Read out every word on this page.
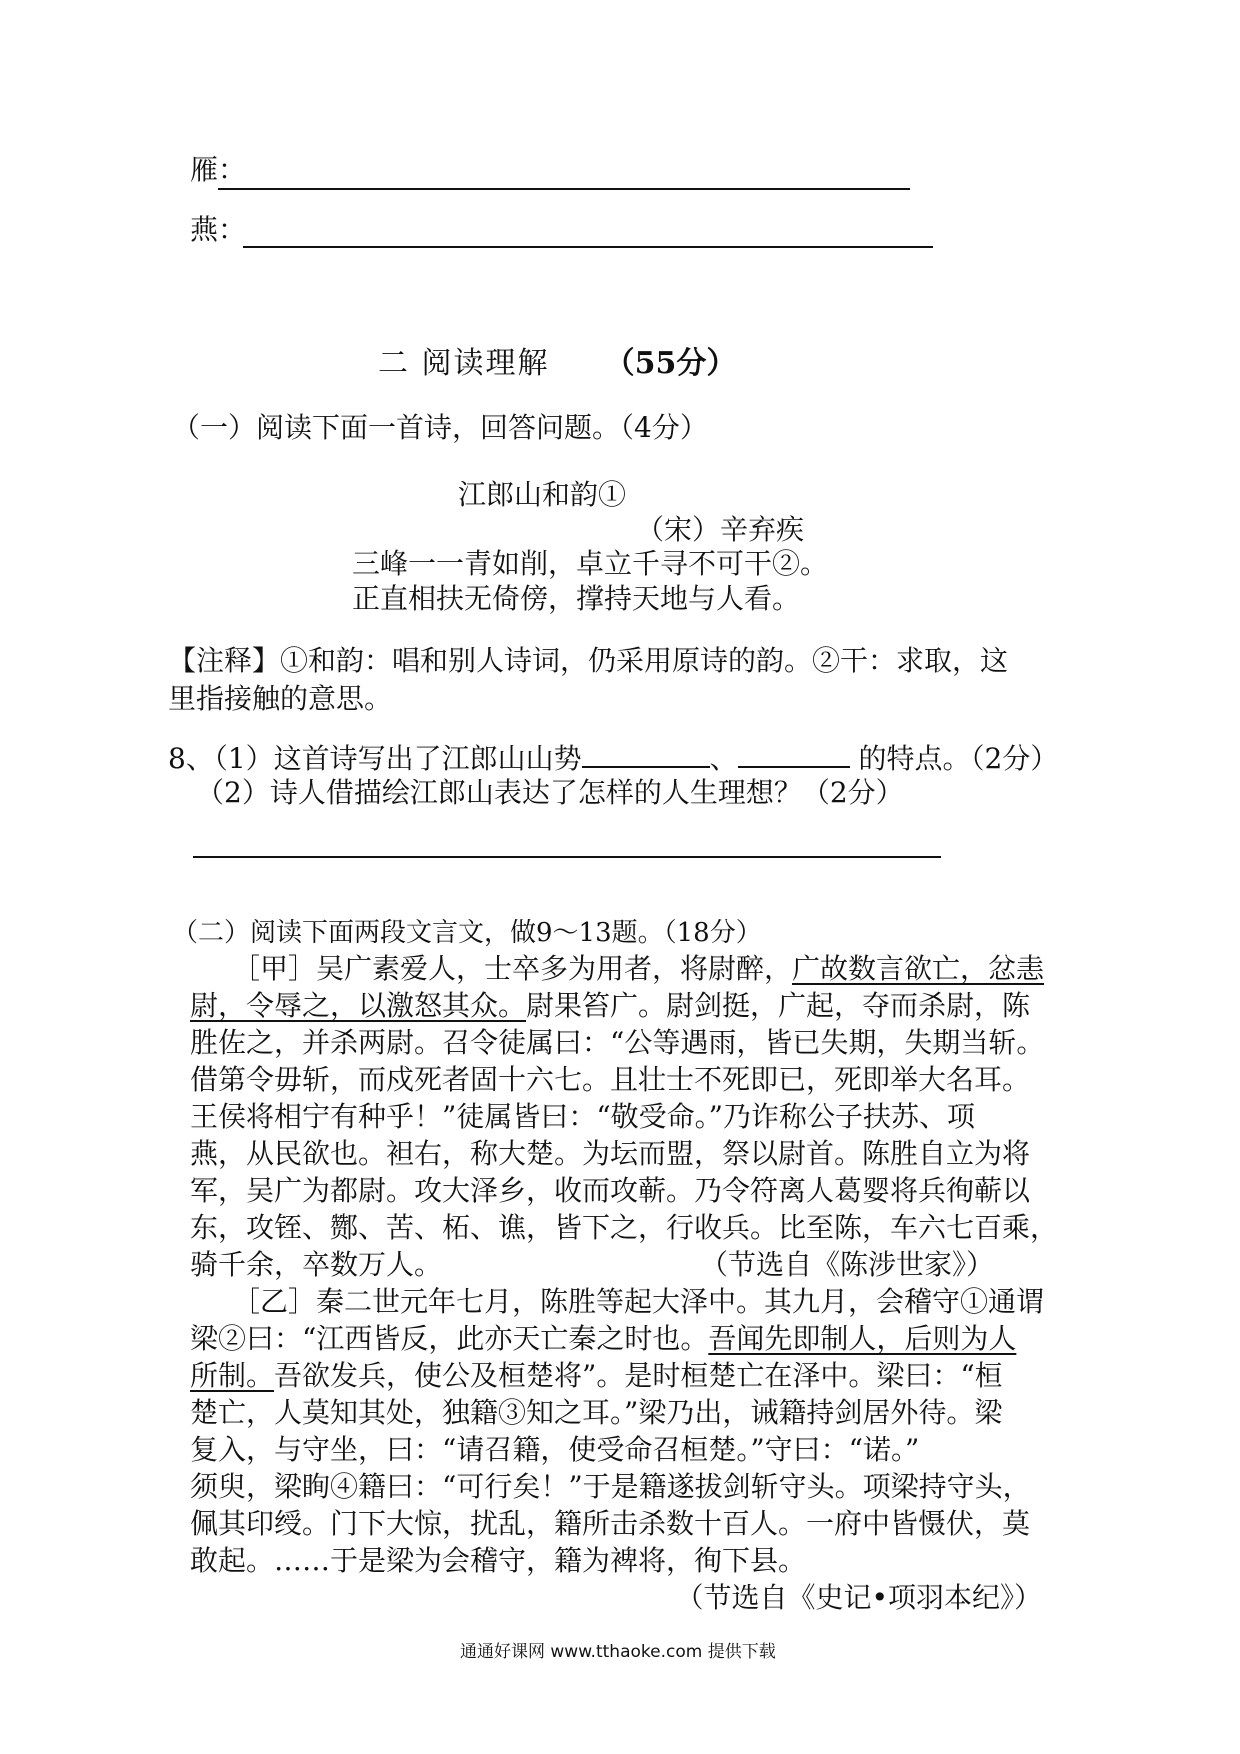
雁：
燕：
二 阅读理解 （55分）
（一）阅读下面一首诗，回答问题。（4分）
江郎山和韵①
（宋）辛弃疾
三峰一一青如削，卓立千寻不可干②。
正直相扶无倚傍，撑持天地与人看。
【注释】①和韵：唱和别人诗词，仍采用原诗的韵。②干：求取，这
里指接触的意思。
8、（1）这首诗写出了江郎山山势	、	的特点。（2分）
（2）诗人借描绘江郎山表达了怎样的人生理想？（2分）
（二）阅读下面两段文言文，做9～13题。（18分）

　　［甲］吴广素爱人，士卒多为用者，将尉醉，广故数言欲亡，忿恚

尉，令辱之，以激怒其众。尉果笞广。尉剑挺，广起，夺而杀尉，陈

胜佐之，并杀两尉。召令徒属曰：“公等遇雨，皆已失期，失期当斩。

借第令毋斩，而戍死者固十六七。且壮士不死即已，死即举大名耳。

王侯将相宁有种乎！”徒属皆曰：“敬受命。”乃诈称公子扶苏、项

燕，从民欲也。袒右，称大楚。为坛而盟，祭以尉首。陈胜自立为将

军，吴广为都尉。攻大泽乡，收而攻蕲。乃令符离人葛婴将兵徇蕲以

东，攻铚、酂、苦、柘、谯，皆下之，行收兵。比至陈，车六七百乘，

骑千余，卒数万人。	（节选自《陈涉世家》）

　　［乙］秦二世元年七月，陈胜等起大泽中。其九月，会稽守①通谓

梁②曰：“江西皆反，此亦天亡秦之时也。吾闻先即制人，后则为人

所制。吾欲发兵，使公及桓楚将”。是时桓楚亡在泽中。梁曰：“桓

楚亡，人莫知其处，独籍③知之耳。”梁乃出，诫籍持剑居外待。梁

复入，与守坐，曰：“请召籍，使受命召桓楚。”守曰：“诺。”

须臾，梁眴④籍曰：“可行矣！”于是籍遂拔剑斩守头。项梁持守头，

佩其印绶。门下大惊，扰乱，籍所击杀数十百人。一府中皆慑伏，莫

敢起。……于是梁为会稽守，籍为裨将，徇下县。

（节选自《史记•项羽本纪》）

通通好课网 www.tthaoke.com 提供下载
